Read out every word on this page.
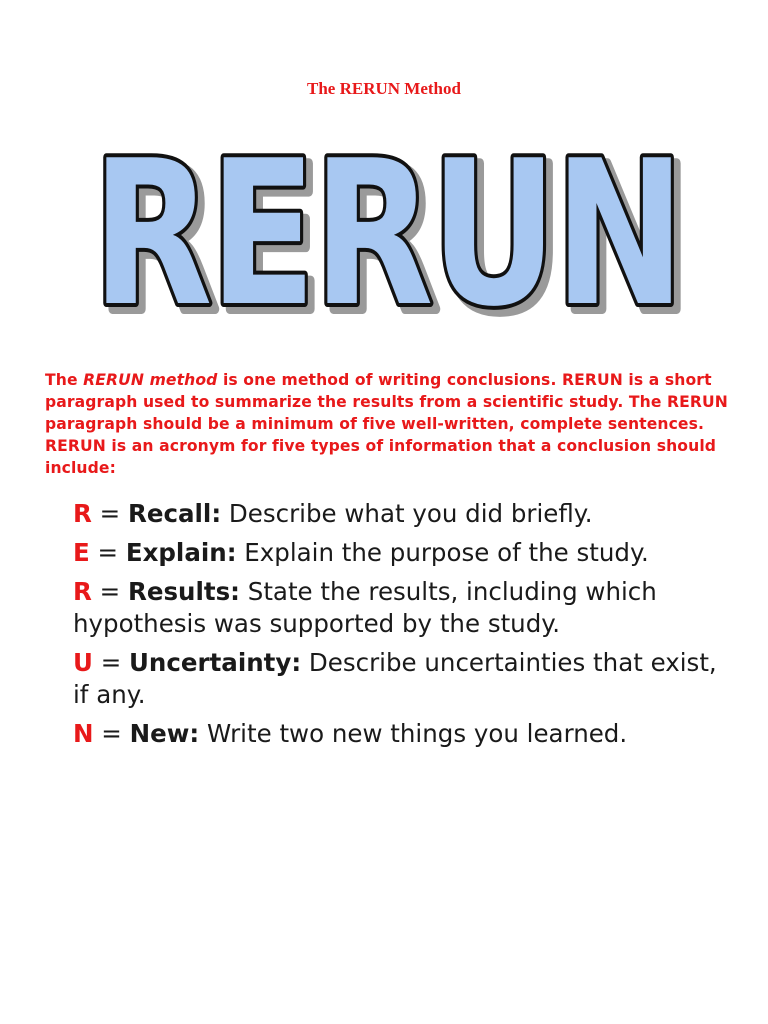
The RERUN Method
RERUN
RERUN
The RERUN method is one method of writing conclusions. RERUN is a short paragraph used to summarize the results from a scientific study. The RERUN paragraph should be a minimum of five well-written, complete sentences. RERUN is an acronym for five types of information that a conclusion should include:
R = Recall: Describe what you did briefly.
E = Explain: Explain the purpose of the study.
R = Results: State the results, including which hypothesis was supported by the study.
U = Uncertainty: Describe uncertainties that exist, if any.
N = New: Write two new things you learned.
